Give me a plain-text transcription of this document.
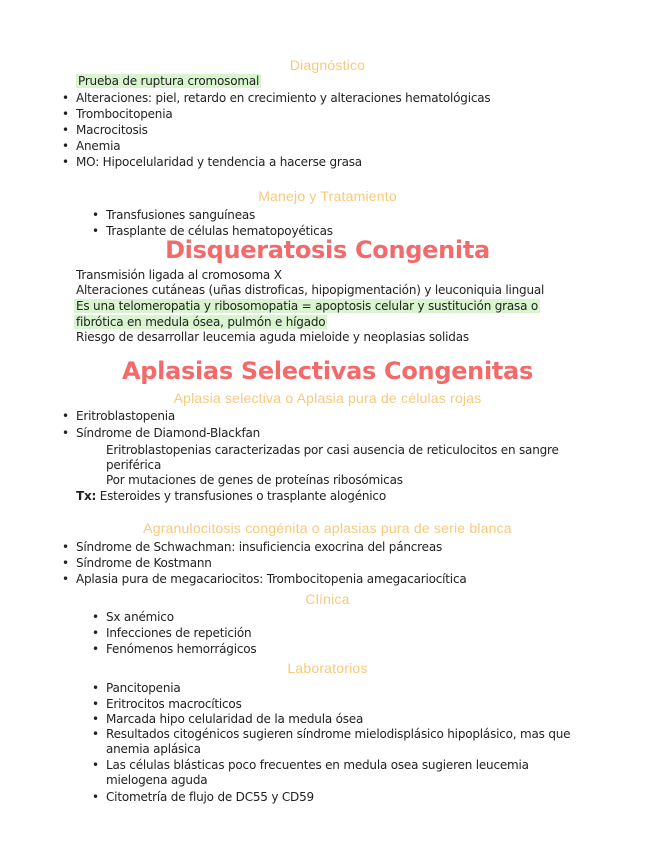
Diagnóstico
Prueba de ruptura cromosomal
• Alteraciones: piel, retardo en crecimiento y alteraciones hematológicas
• Trombocitopenia
• Macrocitosis
• Anemia
• MO: Hipocelularidad y tendencia a hacerse grasa
Manejo y Tratamiento
• Transfusiones sanguíneas
• Trasplante de células hematopoyéticas
Disqueratosis Congenita
Transmisión ligada al cromosoma X
Alteraciones cutáneas (uñas distroficas, hipopigmentación) y leuconiquia lingual
Es una telomeropatia y ribosomopatia = apoptosis celular y sustitución grasa o
fibrótica en medula ósea, pulmón e hígado
Riesgo de desarrollar leucemia aguda mieloide y neoplasias solidas
Aplasias Selectivas Congenitas
Aplasia selectiva o Aplasia pura de células rojas
• Eritroblastopenia
• Síndrome de Diamond-Blackfan
Eritroblastopenias caracterizadas por casi ausencia de reticulocitos en sangre
periférica
Por mutaciones de genes de proteínas ribosómicas
Tx: Esteroides y transfusiones o trasplante alogénico
Agranulocitosis congénita o aplasias pura de serie blanca
• Síndrome de Schwachman: insuficiencia exocrina del páncreas
• Síndrome de Kostmann
• Aplasia pura de megacariocitos: Trombocitopenia amegacariocítica
Clínica
• Sx anémico
• Infecciones de repetición
• Fenómenos hemorrágicos
Laboratorios
• Pancitopenia
• Eritrocitos macrocíticos
• Marcada hipo celularidad de la medula ósea
• Resultados citogénicos sugieren síndrome mielodisplásico hipoplásico, mas que
anemia aplásica
• Las células blásticas poco frecuentes en medula osea sugieren leucemia
mielogena aguda
• Citometría de flujo de DC55 y CD59
